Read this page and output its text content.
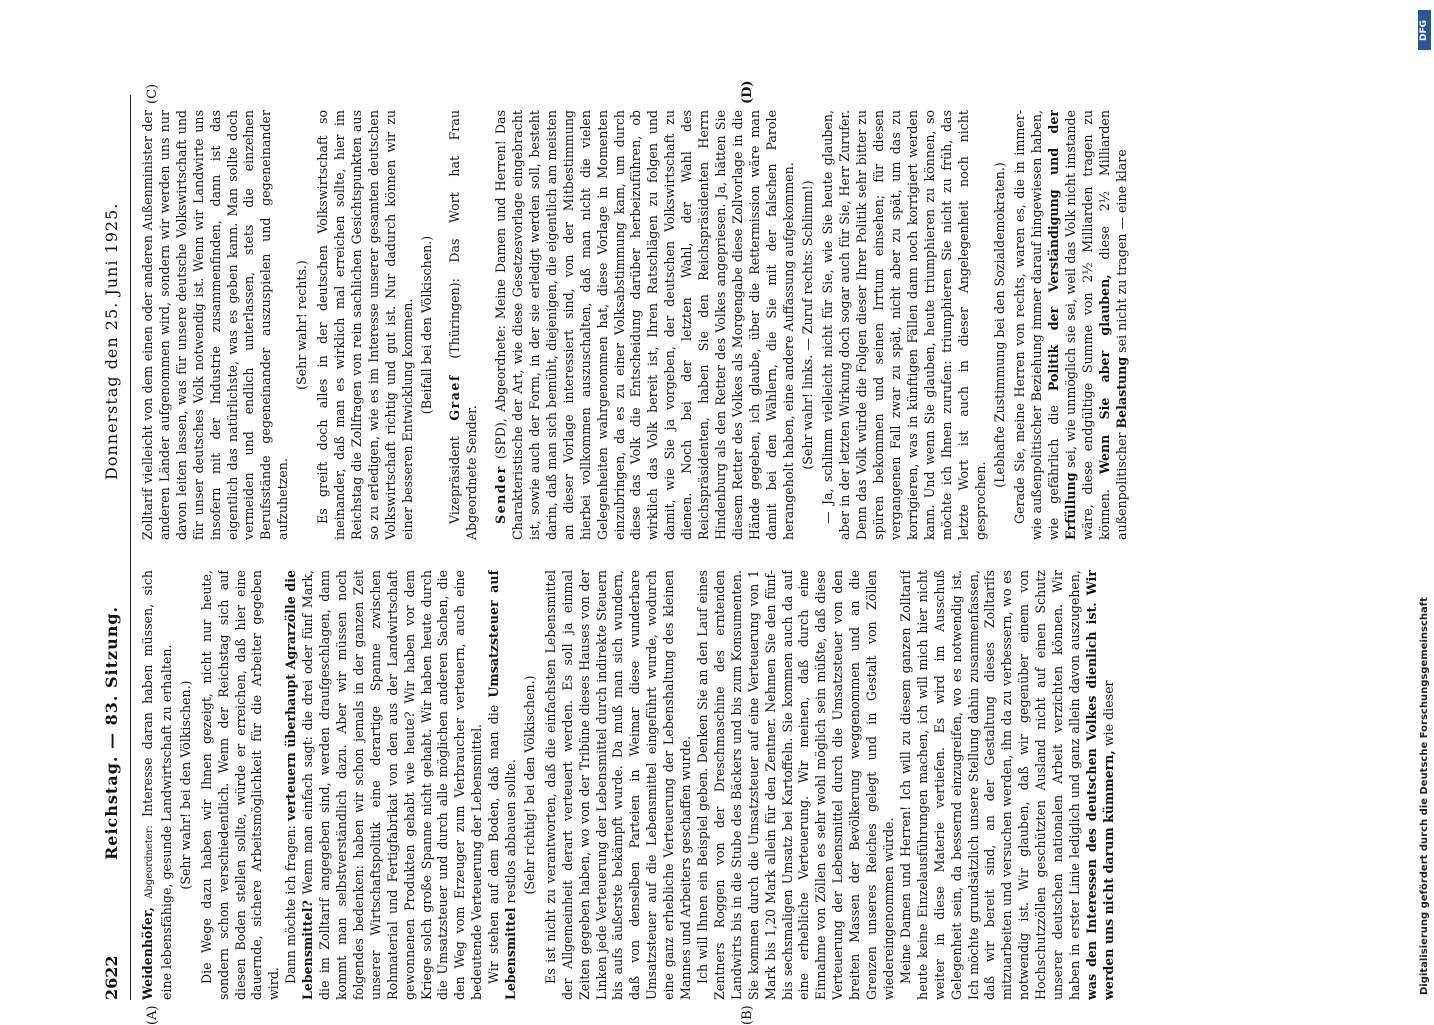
2622
Reichstag. — 83. Sitzung.
Donnerstag den 25. Juni 1925.
(A)	(B)
(C)	(D)

Weidenhöfer, Abgeordneter: Interesse daran haben müssen, sich eine lebensfähige, gesunde Landwirtschaft zu erhalten. (Sehr wahr! bei den Völkischen.) Die Wege dazu haben wir Ihnen gezeigt, nicht nur heute, sondern schon verschiedentlich. Wenn der Reichstag sich auf diesen Boden stellen sollte, würde er erreichen, daß hier eine dauernde, sichere Arbeitsmöglichkeit für die Arbeiter gegeben wird. Dann möchte ich fragen: verteuern überhaupt Agrarzölle die Lebensmittel? Wenn man einfach sagt: die drei oder fünf Mark, die im Zolltarif angegeben sind, werden draufgeschlagen, dann kommt man selbstverständlich dazu. Aber wir müssen noch folgendes bedenken: haben wir schon jemals in der ganzen Zeit unserer Wirtschaftspolitik eine derartige Spanne zwischen Rohmaterial und Fertigfabrikat von den aus der Landwirtschaft gewonnenen Produkten gehabt wie heute? Wir haben vor dem Kriege solch große Spanne nicht gehabt. Wir haben heute durch die Umsatzsteuer und durch alle möglichen anderen Sachen, die den Weg vom Erzeuger zum Verbraucher verteuern, auch eine bedeutende Verteuerung der Lebensmittel. Wir stehen auf dem Boden, daß man die Umsatzsteuer auf Lebensmittel restlos abbauen sollte. (Sehr richtig! bei den Völkischen.) Es ist nicht zu verantworten, daß die einfachsten Lebensmittel der Allgemeinheit derart verteuert werden. Es soll ja einmal Zeiten gegeben haben, wo von der Tribüne dieses Hauses von der Linken jede Verteuerung der Lebensmittel durch indirekte Steuern bis aufs äußerste bekämpft wurde. Da muß man sich wundern, daß von denselben Parteien in Weimar diese wunderbare Umsatzsteuer auf die Lebensmittel eingeführt wurde, wodurch eine ganz erhebliche Verteuerung der Lebenshaltung des kleinen Mannes und Arbeiters geschaffen wurde. Ich will Ihnen ein Beispiel geben. Denken Sie an den Lauf eines Zentners Roggen von der Dreschmaschine des erntenden Landwirts bis in die Stube des Bäckers und bis zum Konsumenten. Sie kommen durch die Umsatzsteuer auf eine Verteuerung von 1 Mark bis 1,20 Mark allein für den Zentner. Nehmen Sie den fünf- bis sechsmaligen Umsatz bei Kartoffeln. Sie kommen auch da auf eine erhebliche Verteuerung. Wir meinen, daß durch eine Einnahme von Zöllen es sehr wohl möglich sein müßte, daß diese Verteuerung der Lebensmittel durch die Umsatzsteuer von den breiten Massen der Bevölkerung weggenommen und an die Grenzen unseres Reiches gelegt und in Gestalt von Zöllen wiedereingenommen würde. Meine Damen und Herren! Ich will zu diesem ganzen Zolltarif heute keine Einzelausführungen machen, ich will mich hier nicht weiter in diese Materie vertiefen. Es wird im Ausschuß Gelegenheit sein, da bessernd einzugreifen, wo es notwendig ist. Ich möchte grundsätzlich unsere Stellung dahin zusammenfassen, daß wir bereit sind, an der Gestaltung dieses Zolltarifs mitzuarbeiten und versuchen werden, ihn da zu verbessern, wo es notwendig ist. Wir glauben, daß wir gegenüber einem von Hochschutzzöllen geschützten Ausland nicht auf einen Schutz unserer deutschen nationalen Arbeit verzichten können. Wir haben in erster Linie lediglich und ganz allein davon auszugehen, was den Interessen des deutschen Volkes dienlich ist. Wir werden uns nicht darum kümmern, wie dieser

Zolltarif vielleicht von dem einen oder anderen Außenminister der anderen Länder aufgenommen wird, sondern wir werden uns nur davon leiten lassen, was für unsere deutsche Volkswirtschaft und für unser deutsches Volk notwendig ist. Wenn wir Landwirte uns insofern mit der Industrie zusammenfinden, dann ist das eigentlich das natürlichste, was es geben kann. Man sollte doch vermeiden und endlich unterlassen, stets die einzelnen Berufsstände gegeneinander auszuspielen und gegeneinander aufzuhetzen.

(Sehr wahr! rechts.) Es greift doch alles in der deutschen Volkswirtschaft so ineinander, daß man es wirklich mal erreichen sollte, hier im Reichstag die Zollfragen von rein sachlichen Gesichtspunkten aus so zu erledigen, wie es im Interesse unserer gesamten deutschen Volkswirtschaft richtig und gut ist. Nur dadurch können wir zu einer besseren Entwicklung kommen. (Beifall bei den Völkischen.)

Vizepräsident Graef (Thüringen): Das Wort hat Frau Abgeordnete Sender. Sender (SPD), Abgeordnete: Meine Damen und Herren! Das Charakteristische der Art, wie diese Gesetzesvorlage eingebracht ist, sowie auch der Form, in der sie erledigt werden soll, besteht darin, daß man sich bemüht, diejenigen, die eigentlich am meisten an dieser Vorlage interessiert sind, von der Mitbestimmung hierbei vollkommen auszuschalten, daß man nicht die vielen Gelegenheiten wahrgenommen hat, diese Vorlage in Momenten einzubringen, da es zu einer Volksabstimmung kam, um durch diese das Volk die Entscheidung darüber herbeizuführen, ob wirklich das Volk bereit ist, Ihren Ratschlägen zu folgen und damit, wie Sie ja vorgeben, der deutschen Volkswirtschaft zu dienen. Noch bei der letzten Wahl, der Wahl des Reichspräsidenten, haben Sie den Reichspräsidenten Herrn Hindenburg als den Retter des Volkes angepriesen. Ja, hätten Sie diesem Retter des Volkes als Morgengabe diese Zollvorlage in die Hände gegeben, ich glaube, über die Rettermission wäre man damit bei den Wählern, die Sie mit der falschen Parole herangeholt haben, eine andere Auffassung aufgekommen. (Sehr wahr! links. — Zuruf rechts: Schlimm!) — Ja, schlimm vielleicht nicht für Sie, wie Sie heute glauben, aber in der letzten Wirkung doch sogar auch für Sie, Herr Zurufer. Denn das Volk würde die Folgen dieser Ihrer Politik sehr bitter zu spüren bekommen und seinen Irrtum einsehen; für diesen vergangenen Fall zwar zu spät, nicht aber zu spät, um das zu korrigieren, was in künftigen Fällen dann noch korrigiert werden kann. Und wenn Sie glauben, heute triumphieren zu können, so möchte ich Ihnen zurufen: triumphieren Sie nicht zu früh, das letzte Wort ist auch in dieser Angelegenheit noch nicht gesprochen.

(Lebhafte Zustimmung bei den Sozialdemokraten.) Gerade Sie, meine Herren von rechts, waren es, die in immer- wie außenpolitischer Beziehung immer darauf hingewiesen haben, wie gefährlich die Politik der Verständigung und der Erfüllung sei, wie unmöglich sie sei, weil das Volk nicht imstande wäre, diese endgültige Summe von 2½ Milliarden tragen zu können. Wenn Sie aber glauben, diese 2½ Milliarden außenpolitischer Belastung sei nicht zu tragen — eine klare

DFG
Digitalisierung gefördert durch die Deutsche Forschungsgemeinschaft
